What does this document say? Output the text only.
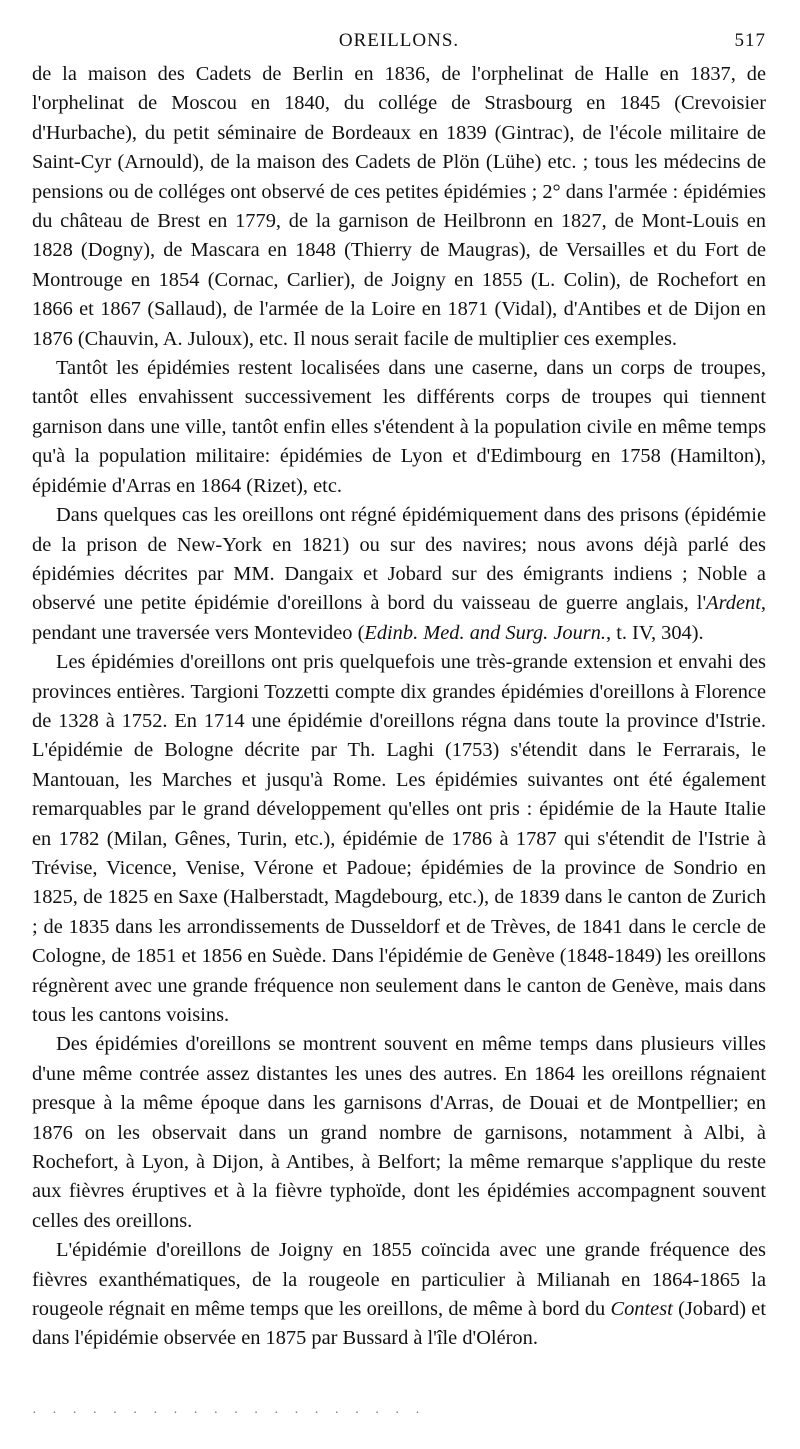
OREILLONS.	517

de la maison des Cadets de Berlin en 1836, de l'orphelinat de Halle en 1837, de l'orphelinat de Moscou en 1840, du collége de Strasbourg en 1845 (Crevoisier d'Hurbache), du petit séminaire de Bordeaux en 1839 (Gintrac), de l'école militaire de Saint-Cyr (Arnould), de la maison des Cadets de Plön (Lühe) etc. ; tous les médecins de pensions ou de colléges ont observé de ces petites épidémies ; 2° dans l'armée : épidémies du château de Brest en 1779, de la garnison de Heilbronn en 1827, de Mont-Louis en 1828 (Dogny), de Mascara en 1848 (Thierry de Maugras), de Versailles et du Fort de Montrouge en 1854 (Cornac, Carlier), de Joigny en 1855 (L. Colin), de Rochefort en 1866 et 1867 (Sallaud), de l'armée de la Loire en 1871 (Vidal), d'Antibes et de Dijon en 1876 (Chauvin, A. Juloux), etc. Il nous serait facile de multiplier ces exemples.

Tantôt les épidémies restent localisées dans une caserne, dans un corps de troupes, tantôt elles envahissent successivement les différents corps de troupes qui tiennent garnison dans une ville, tantôt enfin elles s'étendent à la population civile en même temps qu'à la population militaire: épidémies de Lyon et d'Edimbourg en 1758 (Hamilton), épidémie d'Arras en 1864 (Rizet), etc.

Dans quelques cas les oreillons ont régné épidémiquement dans des prisons (épidémie de la prison de New-York en 1821) ou sur des navires; nous avons déjà parlé des épidémies décrites par MM. Dangaix et Jobard sur des émigrants indiens ; Noble a observé une petite épidémie d'oreillons à bord du vaisseau de guerre anglais, l'Ardent, pendant une traversée vers Montevideo (Edinb. Med. and Surg. Journ., t. IV, 304).

Les épidémies d'oreillons ont pris quelquefois une très-grande extension et envahi des provinces entières. Targioni Tozzetti compte dix grandes épidémies d'oreillons à Florence de 1328 à 1752. En 1714 une épidémie d'oreillons régna dans toute la province d'Istrie. L'épidémie de Bologne décrite par Th. Laghi (1753) s'étendit dans le Ferrarais, le Mantouan, les Marches et jusqu'à Rome. Les épidémies suivantes ont été également remarquables par le grand développement qu'elles ont pris : épidémie de la Haute Italie en 1782 (Milan, Gênes, Turin, etc.), épidémie de 1786 à 1787 qui s'étendit de l'Istrie à Trévise, Vicence, Venise, Vérone et Padoue; épidémies de la province de Sondrio en 1825, de 1825 en Saxe (Halberstadt, Magdebourg, etc.), de 1839 dans le canton de Zurich ; de 1835 dans les arrondissements de Dusseldorf et de Trèves, de 1841 dans le cercle de Cologne, de 1851 et 1856 en Suède. Dans l'épidémie de Genève (1848-1849) les oreillons régnèrent avec une grande fréquence non seulement dans le canton de Genève, mais dans tous les cantons voisins.

Des épidémies d'oreillons se montrent souvent en même temps dans plusieurs villes d'une même contrée assez distantes les unes des autres. En 1864 les oreillons régnaient presque à la même époque dans les garnisons d'Arras, de Douai et de Montpellier; en 1876 on les observait dans un grand nombre de garnisons, notamment à Albi, à Rochefort, à Lyon, à Dijon, à Antibes, à Belfort; la même remarque s'applique du reste aux fièvres éruptives et à la fièvre typhoïde, dont les épidémies accompagnent souvent celles des oreillons.

L'épidémie d'oreillons de Joigny en 1855 coïncida avec une grande fréquence des fièvres exanthématiques, de la rougeole en particulier à Milianah en 1864-1865 la rougeole régnait en même temps que les oreillons, de même à bord du Contest (Jobard) et dans l'épidémie observée en 1875 par Bussard à l'île d'Oléron.

· · · · · · · · · · · · · · · · · · · ·
